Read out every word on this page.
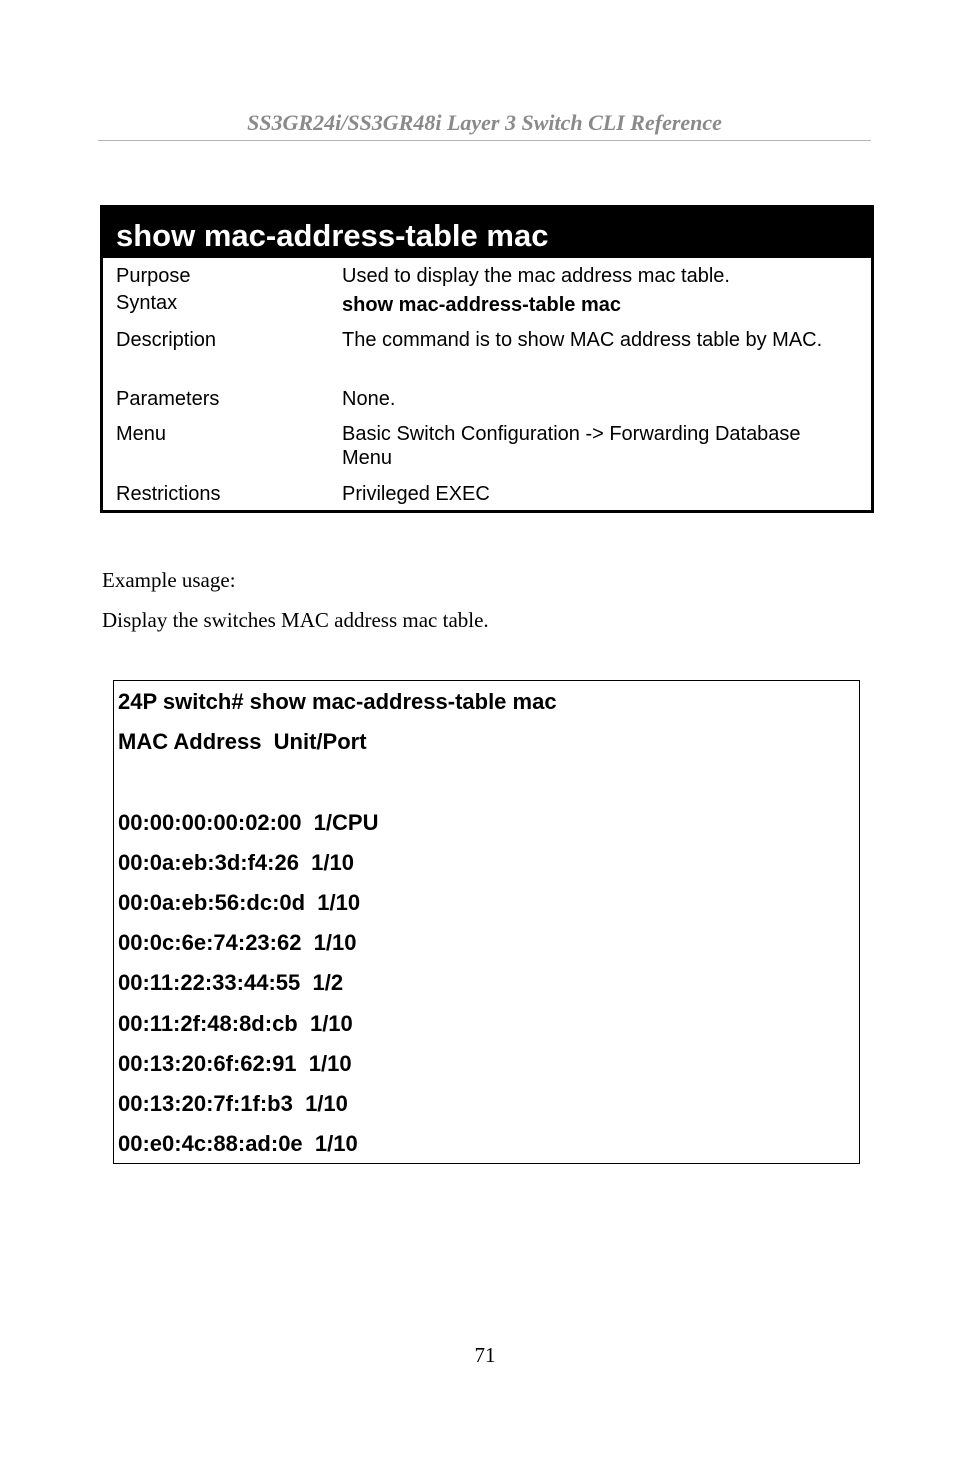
SS3GR24i/SS3GR48i Layer 3 Switch CLI Reference
show mac-address-table mac
Purpose	Used to display the mac address mac table.
Syntax	show mac-address-table mac
Description	The command is to show MAC address table by MAC.
Parameters	None.
Menu	Basic Switch Configuration -> Forwarding Database Menu
Restrictions	Privileged EXEC
Example usage:
Display the switches MAC address mac table.
24P switch# show mac-address-table mac
MAC Address  Unit/Port
00:00:00:00:02:00  1/CPU
00:0a:eb:3d:f4:26  1/10
00:0a:eb:56:dc:0d  1/10
00:0c:6e:74:23:62  1/10
00:11:22:33:44:55  1/2
00:11:2f:48:8d:cb  1/10
00:13:20:6f:62:91  1/10
00:13:20:7f:1f:b3  1/10
00:e0:4c:88:ad:0e  1/10
71
